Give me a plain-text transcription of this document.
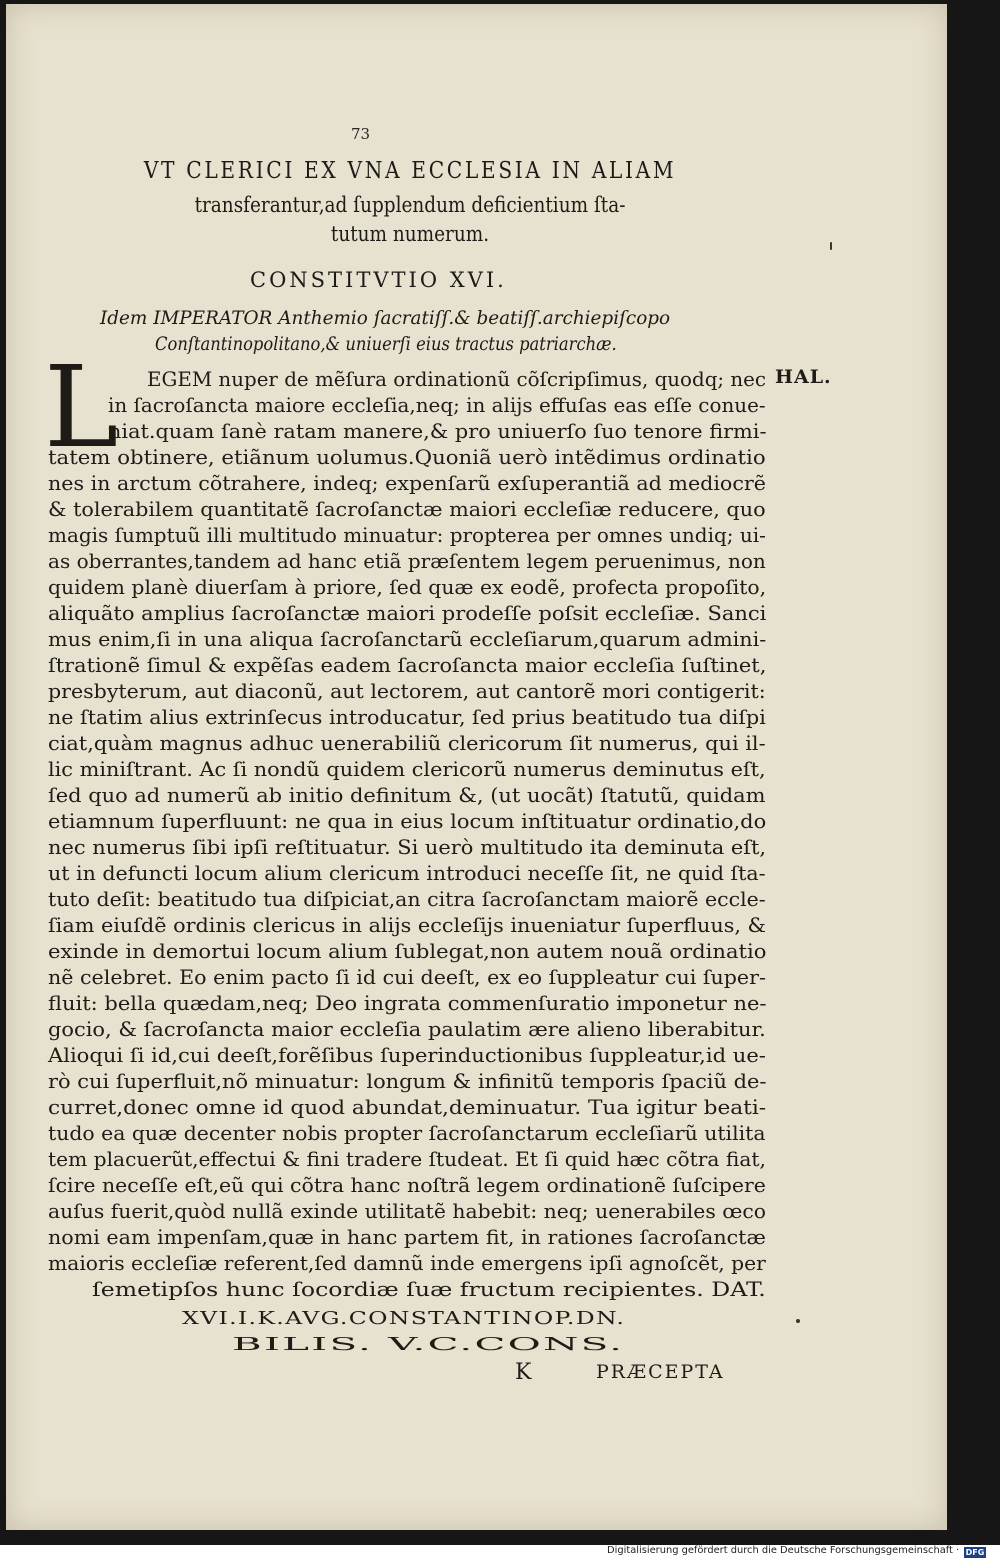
73
VT CLERICI EX VNA ECCLESIA IN ALIAM
transferantur,ad ſupplendum deficientium ſta-
tutum numerum.
CONSTITVTIO XVI.
Idem IMPERATOR Anthemio ſacratiſſ.& beatiſſ.archiepiſcopo
Conſtantinopolitano,& uniuerſi eius tractus patriarchæ.
L	HAL.
EGEM nuper de mẽſura ordinationũ cõſcripſimus, quodq; nec
in ſacroſancta maiore eccleſia,neq; in alijs effuſas eas eſſe conue-
niat.quam ſanè ratam manere,& pro uniuerſo ſuo tenore firmi-
tatem obtinere, etiãnum uolumus.Quoniã uerò intẽdimus ordinatio
nes in arctum cõtrahere, indeq; expenſarũ exſuperantiã ad mediocrẽ
& tolerabilem quantitatẽ ſacroſanctæ maiori eccleſiæ reducere, quo
magis ſumptuũ illi multitudo minuatur: propterea per omnes undiq; ui-
as oberrantes,tandem ad hanc etiã præſentem legem peruenimus, non
quidem planè diuerſam à priore, ſed quæ ex eodẽ, profecta propoſito,
aliquãto amplius ſacroſanctæ maiori prodeſſe poſsit eccleſiæ. Sanci
mus enim,ſi in una aliqua ſacroſanctarũ eccleſiarum,quarum admini-
ſtrationẽ ſimul & expẽſas eadem ſacroſancta maior eccleſia ſuſtinet,
presbyterum, aut diaconũ, aut lectorem, aut cantorẽ mori contigerit:
ne ſtatim alius extrinſecus introducatur, ſed prius beatitudo tua diſpi
ciat,quàm magnus adhuc uenerabiliũ clericorum ſit numerus, qui il-
lic miniſtrant. Ac ſi nondũ quidem clericorũ numerus deminutus eſt,
ſed quo ad numerũ ab initio definitum &, (ut uocãt) ſtatutũ, quidam
etiamnum ſuperfluunt: ne qua in eius locum inſtituatur ordinatio,do
nec numerus ſibi ipſi reſtituatur. Si uerò multitudo ita deminuta eſt,
ut in defuncti locum alium clericum introduci neceſſe ſit, ne quid ſta-
tuto deſit: beatitudo tua diſpiciat,an citra ſacroſanctam maiorẽ eccle-
ſiam eiuſdẽ ordinis clericus in alijs eccleſijs inueniatur ſuperfluus, &
exinde in demortui locum alium ſublegat,non autem nouã ordinatio
nẽ celebret. Eo enim pacto ſi id cui deeſt, ex eo ſuppleatur cui ſuper-
fluit: bella quædam,neq; Deo ingrata commenſuratio imponetur ne-
gocio, & ſacroſancta maior eccleſia paulatim ære alieno liberabitur.
Alioqui ſi id,cui deeſt,forẽſibus ſuperinductionibus ſuppleatur,id ue-
rò cui ſuperfluit,nõ minuatur: longum & infinitũ temporis ſpaciũ de-
curret,donec omne id quod abundat,deminuatur. Tua igitur beati-
tudo ea quæ decenter nobis propter ſacroſanctarum eccleſiarũ utilita
tem placuerũt,effectui & fini tradere ſtudeat. Et ſi quid hæc cõtra fiat,
ſcire neceſſe eſt,eũ qui cõtra hanc noſtrã legem ordinationẽ ſuſcipere
auſus fuerit,quòd nullã exinde utilitatẽ habebit: neq; uenerabiles œco
nomi eam impenſam,quæ in hanc partem fit, in rationes ſacroſanctæ
maioris eccleſiæ referent,ſed damnũ inde emergens ipſi agnoſcẽt, per
ſemetipſos hunc ſocordiæ ſuæ fructum recipientes. DAT.
XVI.I.K.AVG.CONSTANTINOP.DN.
BILIS. V.C.CONS.
K	PRÆCEPTA
Digitalisierung gefördert durch die Deutsche Forschungsgemeinschaft · DFG
